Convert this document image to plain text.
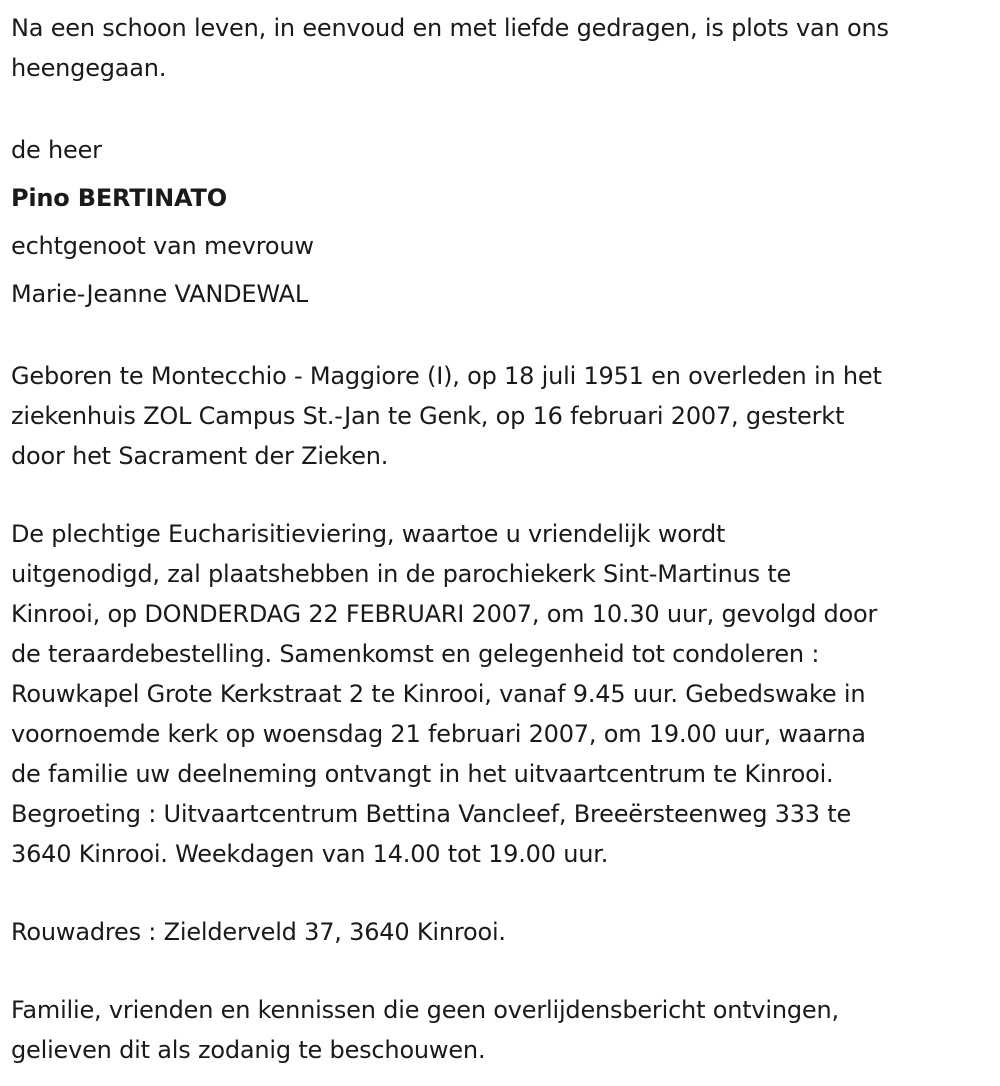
Na een schoon leven, in eenvoud en met liefde gedragen, is plots van ons
heengegaan.
de heer
Pino BERTINATO
echtgenoot van mevrouw
Marie-Jeanne VANDEWAL
Geboren te Montecchio - Maggiore (I), op 18 juli 1951 en overleden in het
ziekenhuis ZOL Campus St.-Jan te Genk, op 16 februari 2007, gesterkt
door het Sacrament der Zieken.
De plechtige Eucharisitieviering, waartoe u vriendelijk wordt
uitgenodigd, zal plaatshebben in de parochiekerk Sint-Martinus te
Kinrooi, op DONDERDAG 22 FEBRUARI 2007, om 10.30 uur, gevolgd door
de teraardebestelling. Samenkomst en gelegenheid tot condoleren :
Rouwkapel Grote Kerkstraat 2 te Kinrooi, vanaf 9.45 uur. Gebedswake in
voornoemde kerk op woensdag 21 februari 2007, om 19.00 uur, waarna
de familie uw deelneming ontvangt in het uitvaartcentrum te Kinrooi.
Begroeting : Uitvaartcentrum Bettina Vancleef, Breeërsteenweg 333 te
3640 Kinrooi. Weekdagen van 14.00 tot 19.00 uur.
Rouwadres : Zielderveld 37, 3640 Kinrooi.
Familie, vrienden en kennissen die geen overlijdensbericht ontvingen,
gelieven dit als zodanig te beschouwen.
